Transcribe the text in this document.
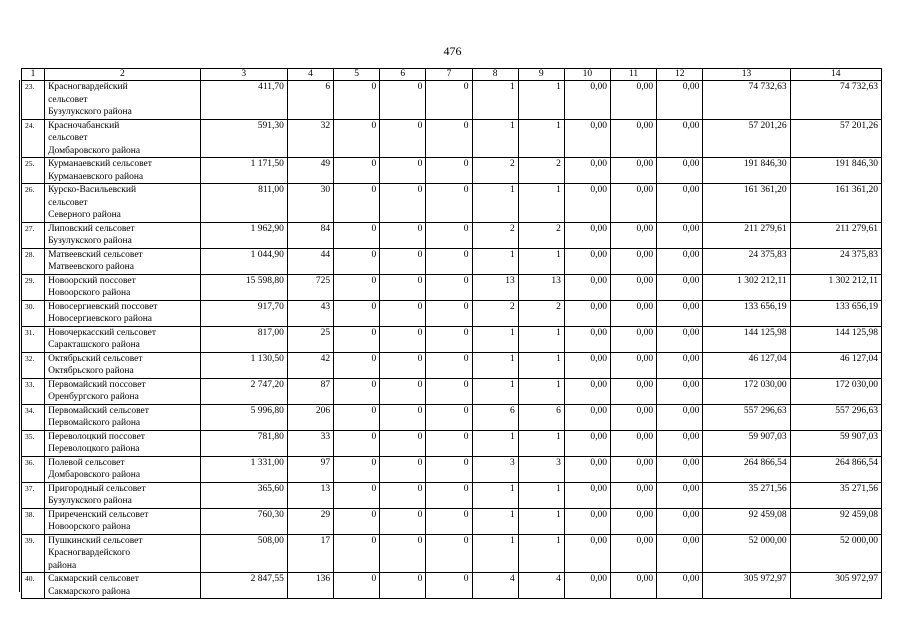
476
1	2	3	4	5	6	7	8	9	10	11	12	13	14
23.	Красногвардейский
сельсовет
Бузулукского района	411,70	6	0	0	0	1	1	0,00	0,00	0,00	74 732,63	74 732,63
24.	Красночабанский
сельсовет
Домбаровского района	591,30	32	0	0	0	1	1	0,00	0,00	0,00	57 201,26	57 201,26
25.	Курманаевский сельсовет
Курманаевского района	1 171,50	49	0	0	0	2	2	0,00	0,00	0,00	191 846,30	191 846,30
26.	Курско-Васильевский
сельсовет
Северного района	811,00	30	0	0	0	1	1	0,00	0,00	0,00	161 361,20	161 361,20
27.	Липовский сельсовет
Бузулукского района	1 962,90	84	0	0	0	2	2	0,00	0,00	0,00	211 279,61	211 279,61
28.	Матвеевский сельсовет
Матвеевского района	1 044,90	44	0	0	0	1	1	0,00	0,00	0,00	24 375,83	24 375,83
29.	Новоорский поссовет
Новоорского района	15 598,80	725	0	0	0	13	13	0,00	0,00	0,00	1 302 212,11	1 302 212,11
30.	Новосергиевский поссовет
Новосергиевского района	917,70	43	0	0	0	2	2	0,00	0,00	0,00	133 656,19	133 656,19
31.	Новочеркасский сельсовет
Саракташского района	817,00	25	0	0	0	1	1	0,00	0,00	0,00	144 125,98	144 125,98
32.	Октябрьский сельсовет
Октябрьского района	1 130,50	42	0	0	0	1	1	0,00	0,00	0,00	46 127,04	46 127,04
33.	Первомайский поссовет
Оренбургского района	2 747,20	87	0	0	0	1	1	0,00	0,00	0,00	172 030,00	172 030,00
34.	Первомайский сельсовет
Первомайского района	5 996,80	206	0	0	0	6	6	0,00	0,00	0,00	557 296,63	557 296,63
35.	Переволоцкий поссовет
Переволоцкого района	781,80	33	0	0	0	1	1	0,00	0,00	0,00	59 907,03	59 907,03
36.	Полевой сельсовет
Домбаровского района	1 331,00	97	0	0	0	3	3	0,00	0,00	0,00	264 866,54	264 866,54
37.	Пригородный сельсовет
Бузулукского района	365,60	13	0	0	0	1	1	0,00	0,00	0,00	35 271,56	35 271,56
38.	Приреченский сельсовет
Новоорского района	760,30	29	0	0	0	1	1	0,00	0,00	0,00	92 459,08	92 459,08
39.	Пушкинский сельсовет
Красногвардейского
района	508,00	17	0	0	0	1	1	0,00	0,00	0,00	52 000,00	52 000,00
40.	Сакмарский сельсовет
Сакмарского района	2 847,55	136	0	0	0	4	4	0,00	0,00	0,00	305 972,97	305 972,97
